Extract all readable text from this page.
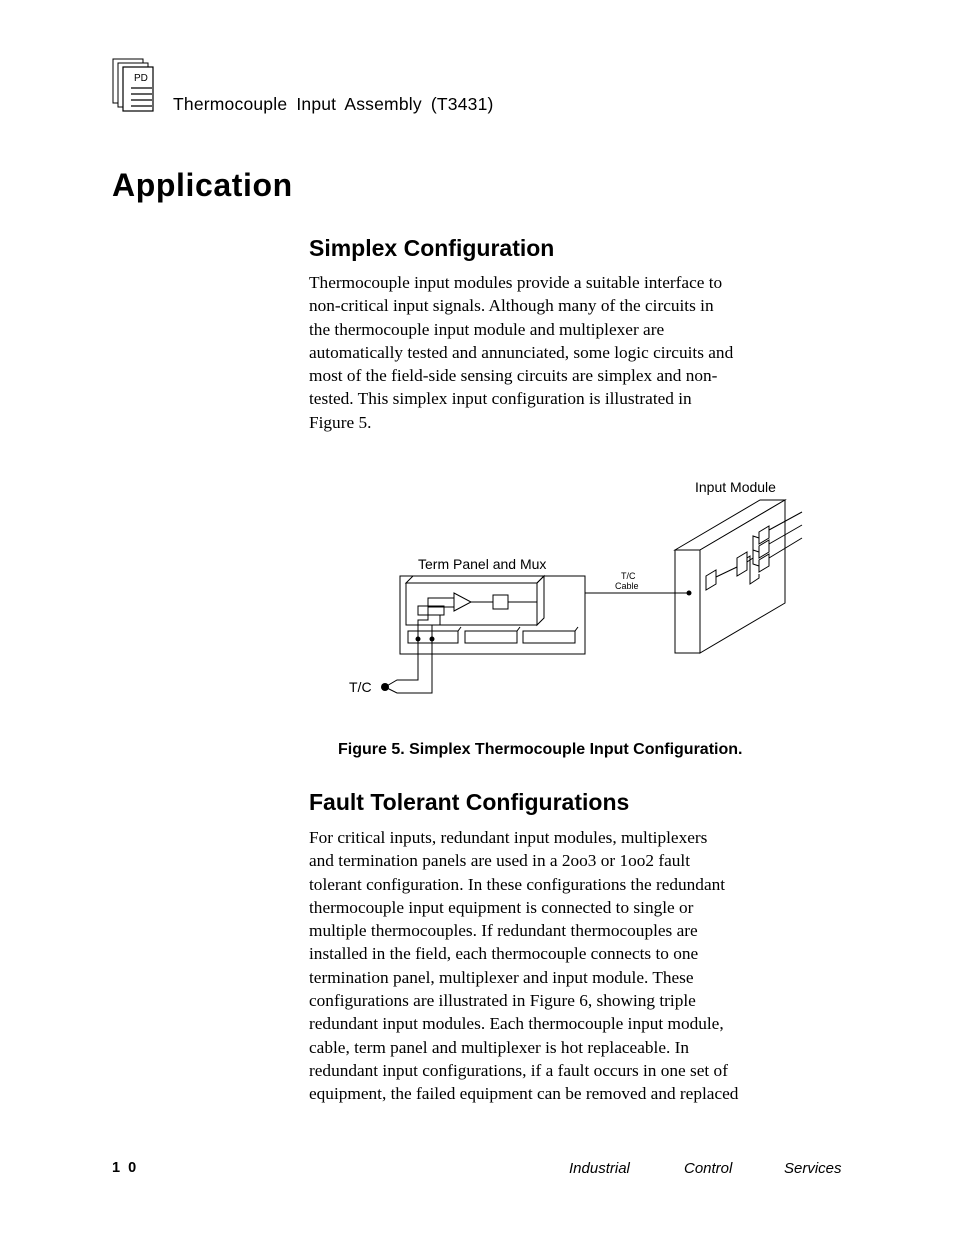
PD
Thermocouple Input Assembly (T3431)
Application
Simplex Configuration
Thermocouple input modules provide a suitable interface to
non-critical input signals. Although many of the circuits in
the thermocouple input module and multiplexer are
automatically tested and annunciated, some logic circuits and
most of the field-side sensing circuits are simplex and non-
tested. This simplex input configuration is illustrated in
Figure 5.
Input Module
T/C
Cable
Term Panel and Mux
T/C
Figure 5. Simplex Thermocouple Input Configuration.
Fault Tolerant Configurations
For critical inputs, redundant input modules, multiplexers
and termination panels are used in a 2oo3 or 1oo2 fault
tolerant configuration. In these configurations the redundant
thermocouple input equipment is connected to single or
multiple thermocouples. If redundant thermocouples are
installed in the field, each thermocouple connects to one
termination panel, multiplexer and input module. These
configurations are illustrated in Figure 6, showing triple
redundant input modules. Each thermocouple input module,
cable, term panel and multiplexer is hot replaceable. In
redundant input configurations, if a fault occurs in one set of
equipment, the failed equipment can be removed and replaced
1 0	Industrial	Control	Services
